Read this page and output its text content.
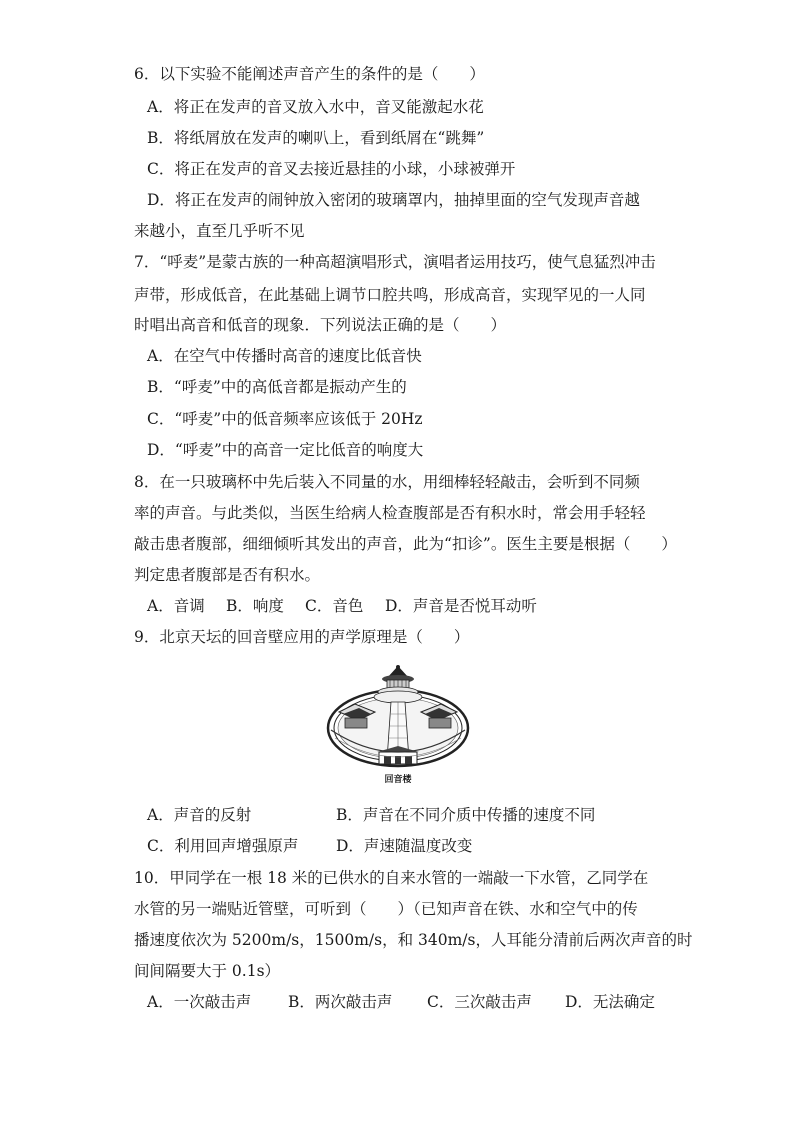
6．以下实验不能阐述声音产生的条件的是（　　）
A．将正在发声的音叉放入水中，音叉能激起水花
B．将纸屑放在发声的喇叭上，看到纸屑在“跳舞”
C．将正在发声的音叉去接近悬挂的小球，小球被弹开
D．将正在发声的闹钟放入密闭的玻璃罩内，抽掉里面的空气发现声音越
来越小，直至几乎听不见
7．“呼麦”是蒙古族的一种高超演唱形式，演唱者运用技巧，使气息猛烈冲击
声带，形成低音，在此基础上调节口腔共鸣，形成高音，实现罕见的一人同
时唱出高音和低音的现象．下列说法正确的是（　　）
A．在空气中传播时高音的速度比低音快
B．“呼麦”中的高低音都是振动产生的
C．“呼麦”中的低音频率应该低于 20Hz
D．“呼麦”中的高音一定比低音的响度大
8．在一只玻璃杯中先后装入不同量的水，用细棒轻轻敲击，会听到不同频
率的声音。与此类似，当医生给病人检查腹部是否有积水时，常会用手轻轻
敲击患者腹部，细细倾听其发出的声音，此为“扣诊”。医生主要是根据（　　）
判定患者腹部是否有积水。
A．音调 B．响度 C．音色 D．声音是否悦耳动听
9．北京天坛的回音壁应用的声学原理是（　　）
回音楼
A．声音的反射	B．声音在不同介质中传播的速度不同
C．利用回声增强原声 D．声速随温度改变
10．甲同学在一根 18 米的已供水的自来水管的一端敲一下水管，乙同学在
水管的另一端贴近管壁，可听到（　　）（已知声音在铁、水和空气中的传
播速度依次为 5200m/s，1500m/s，和 340m/s，人耳能分清前后两次声音的时
间间隔要大于 0.1s）
A．一次敲击声 B．两次敲击声 C．三次敲击声 D．无法确定
